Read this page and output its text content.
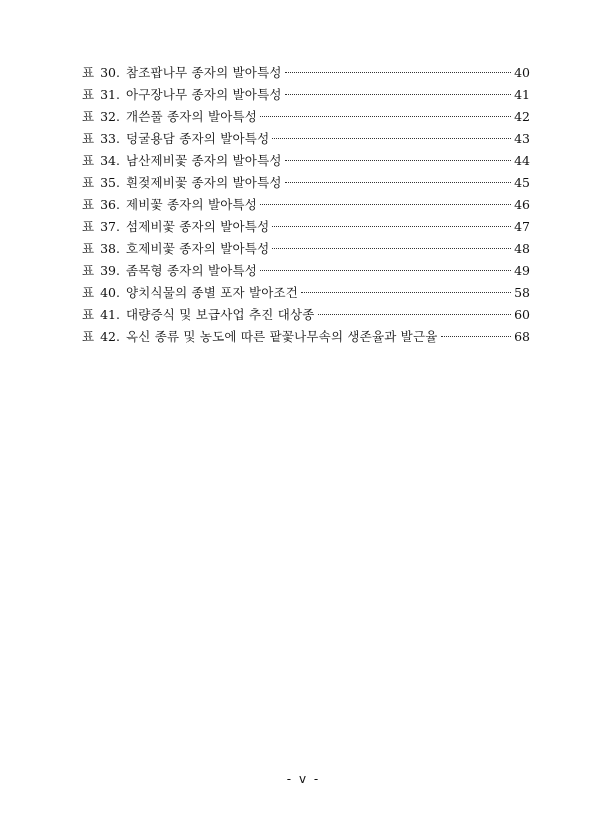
표 30. 참조팝나무 종자의 발아특성	40
표 31. 아구장나무 종자의 발아특성	41
표 32. 개쓴풀 종자의 발아특성	42
표 33. 덩굴용담 종자의 발아특성	43
표 34. 남산제비꽃 종자의 발아특성	44
표 35. 흰젖제비꽃 종자의 발아특성	45
표 36. 제비꽃 종자의 발아특성	46
표 37. 섬제비꽃 종자의 발아특성	47
표 38. 호제비꽃 종자의 발아특성	48
표 39. 좀목형 종자의 발아특성	49
표 40. 양치식물의 종별 포자 발아조건	58
표 41. 대량증식 및 보급사업 추진 대상종	60
표 42. 옥신 종류 및 농도에 따른 팥꽃나무속의 생존율과 발근율	68
- v -
